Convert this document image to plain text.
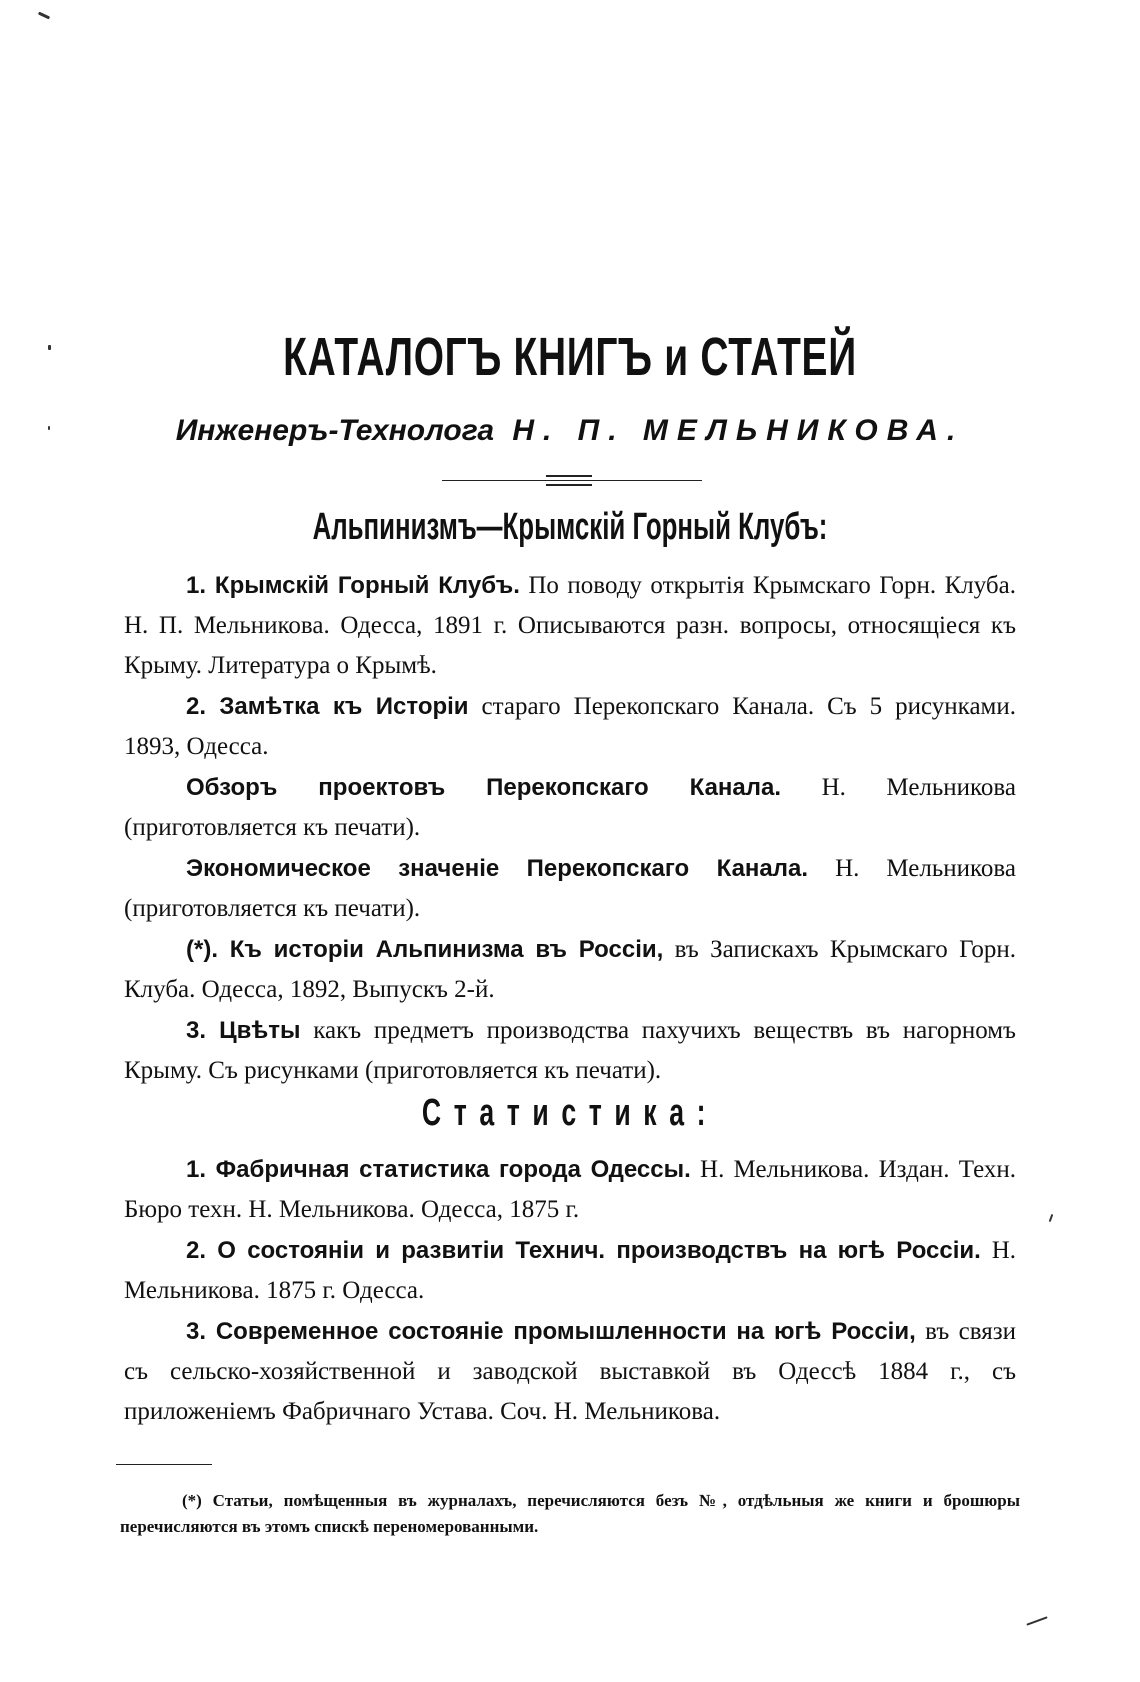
КАТАЛОГЪ КНИГЪ и СТАТЕЙ
Инженеръ-Технолога Н. П. МЕЛЬНИКОВА.
Альпинизмъ—Крымскій Горный Клубъ:

1. Крымскій Горный Клубъ. По поводу открытія Крымскаго Горн. Клуба. Н. П. Мельникова. Одесса, 1891 г. Описываются разн. вопросы, относящіеся къ Крыму. Литература о Крымѣ.

2. Замѣтка къ Исторіи стараго Перекопскаго Канала. Съ 5 рисунками. 1893, Одесса.

Обзоръ проектовъ Перекопскаго Канала. Н. Мельникова (приготовляется къ печати).

Экономическое значеніе Перекопскаго Канала. Н. Мельникова (приготовляется къ печати).

(*). Къ исторіи Альпинизма въ Россіи, въ Запискахъ Крымскаго Горн. Клуба. Одесса, 1892, Выпускъ 2-й.

3. Цвѣты какъ предметъ производства пахучихъ веществъ въ нагорномъ Крыму. Съ рисунками (приготовляется къ печати).

Статистика:

1. Фабричная статистика города Одессы. Н. Мельникова. Издан. Техн. Бюро техн. Н. Мельникова. Одесса, 1875 г.

2. О состояніи и развитіи Технич. производствъ на югѣ Россіи. Н. Мельникова. 1875 г. Одесса.

3. Современное состояніе промышленности на югѣ Россіи, въ связи съ сельско-хозяйственной и заводской выставкой въ Одессѣ 1884 г., съ приложеніемъ Фабричнаго Устава. Соч. Н. Мельникова.

(*) Статьи, помѣщенныя въ журналахъ, перечисляются безъ №, отдѣльныя же книги и брошюры перечисляются въ этомъ спискѣ переномерованными.
